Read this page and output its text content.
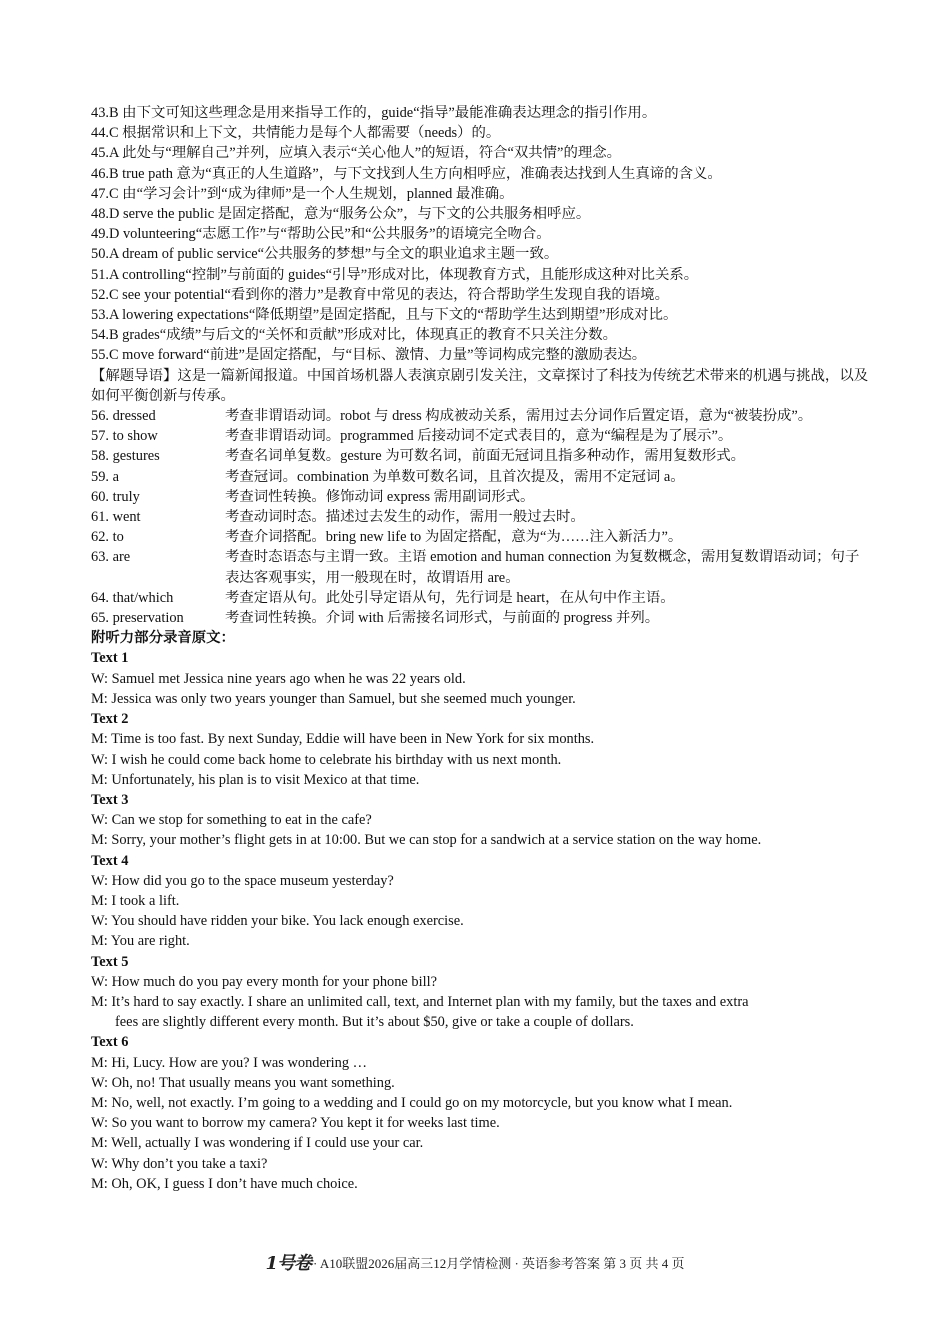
43.B 由下文可知这些理念是用来指导工作的，guide“指导”最能准确表达理念的指引作用。
44.C 根据常识和上下文，共情能力是每个人都需要（needs）的。
45.A 此处与“理解自己”并列，应填入表示“关心他人”的短语，符合“双共情”的理念。
46.B true path 意为“真正的人生道路”，与下文找到人生方向相呼应，准确表达找到人生真谛的含义。
47.C 由“学习会计”到“成为律师”是一个人生规划，planned 最准确。
48.D serve the public 是固定搭配，意为“服务公众”，与下文的公共服务相呼应。
49.D volunteering“志愿工作”与“帮助公民”和“公共服务”的语境完全吻合。
50.A dream of public service“公共服务的梦想”与全文的职业追求主题一致。
51.A controlling“控制”与前面的 guides“引导”形成对比，体现教育方式，且能形成这种对比关系。
52.C see your potential“看到你的潜力”是教育中常见的表达，符合帮助学生发现自我的语境。
53.A lowering expectations“降低期望”是固定搭配，且与下文的“帮助学生达到期望”形成对比。
54.B grades“成绩”与后文的“关怀和贡献”形成对比，体现真正的教育不只关注分数。
55.C move forward“前进”是固定搭配，与“目标、激情、力量”等词构成完整的激励表达。
【解题导语】这是一篇新闻报道。中国首场机器人表演京剧引发关注，文章探讨了科技为传统艺术带来的机遇与挑战，以及如何平衡创新与传承。
56. dressed	考查非谓语动词。robot 与 dress 构成被动关系，需用过去分词作后置定语，意为“被装扮成”。
57. to show	考查非谓语动词。programmed 后接动词不定式表目的，意为“编程是为了展示”。
58. gestures	考查名词单复数。gesture 为可数名词，前面无冠词且指多种动作，需用复数形式。
59. a	考查冠词。combination 为单数可数名词，且首次提及，需用不定冠词 a。
60. truly	考查词性转换。修饰动词 express 需用副词形式。
61. went	考查动词时态。描述过去发生的动作，需用一般过去时。
62. to	考查介词搭配。bring new life to 为固定搭配，意为“为……注入新活力”。
63. are	考查时态语态与主谓一致。主语 emotion and human connection 为复数概念，需用复数谓语动词；句子表达客观事实，用一般现在时，故谓语用 are。
64. that/which	考查定语从句。此处引导定语从句，先行词是 heart，在从句中作主语。
65. preservation	考查词性转换。介词 with 后需接名词形式，与前面的 progress 并列。
附听力部分录音原文：
Text 1
W: Samuel met Jessica nine years ago when he was 22 years old.
M: Jessica was only two years younger than Samuel, but she seemed much younger.
Text 2
M: Time is too fast. By next Sunday, Eddie will have been in New York for six months.
W: I wish he could come back home to celebrate his birthday with us next month.
M: Unfortunately, his plan is to visit Mexico at that time.
Text 3
W: Can we stop for something to eat in the cafe?
M: Sorry, your mother’s flight gets in at 10:00. But we can stop for a sandwich at a service station on the way home.
Text 4
W: How did you go to the space museum yesterday?
M: I took a lift.
W: You should have ridden your bike. You lack enough exercise.
M: You are right.
Text 5
W: How much do you pay every month for your phone bill?
M: It’s hard to say exactly. I share an unlimited call, text, and Internet plan with my family, but the taxes and extra
fees are slightly different every month. But it’s about $50, give or take a couple of dollars.
Text 6
M: Hi, Lucy. How are you? I was wondering …
W: Oh, no! That usually means you want something.
M: No, well, not exactly. I’m going to a wedding and I could go on my motorcycle, but you know what I mean.
W: So you want to borrow my camera? You kept it for weeks last time.
M: Well, actually I was wondering if I could use your car.
W: Why don’t you take a taxi?
M: Oh, OK, I guess I don’t have much choice.
1号卷 · A10联盟2026届高三12月学情检测 · 英语参考答案 第 3 页 共 4 页
